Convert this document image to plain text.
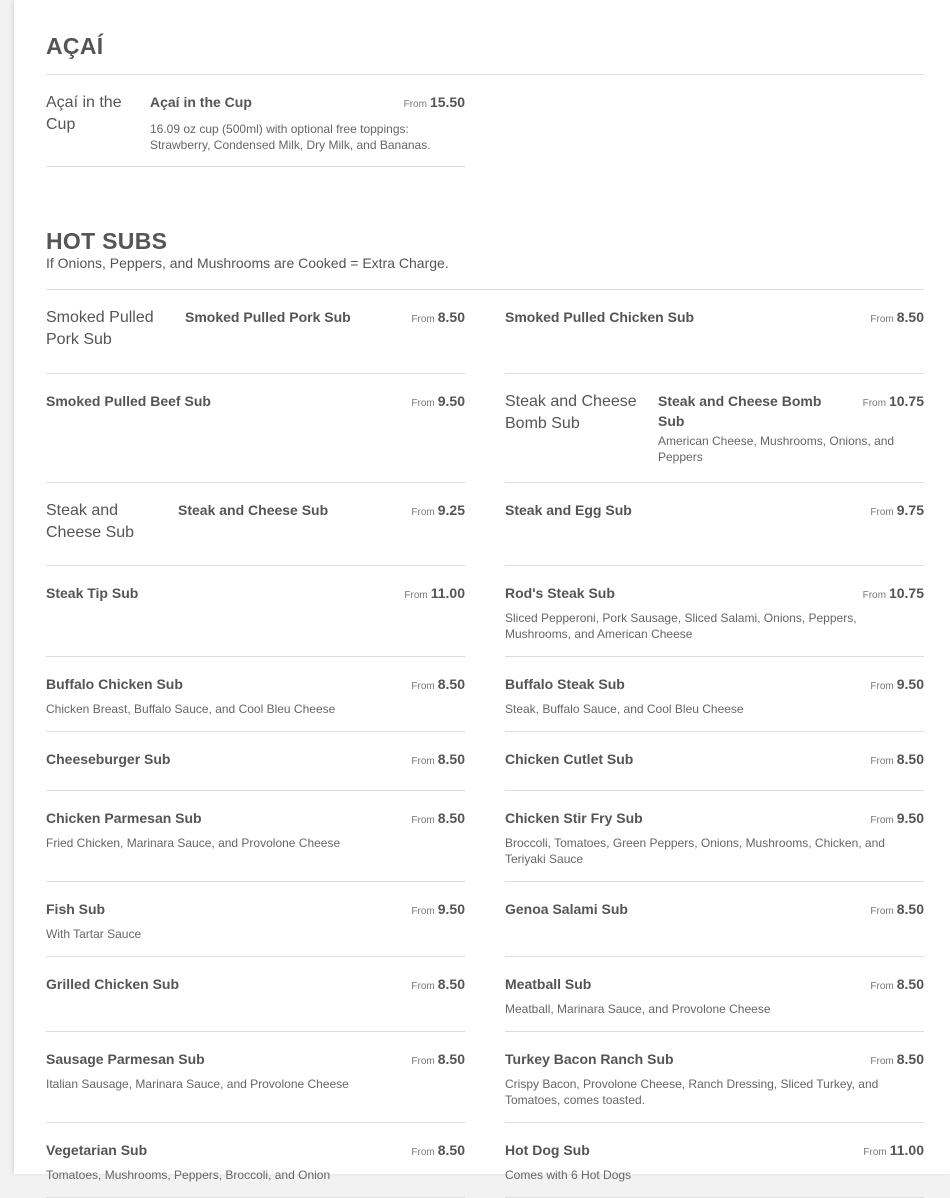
AÇAÍ
Açaí in the Cup
Açaí in the Cup	From 15.50
16.09 oz cup (500ml) with optional free toppings: Strawberry, Condensed Milk, Dry Milk, and Bananas.
HOT SUBS
If Onions, Peppers, and Mushrooms are Cooked = Extra Charge.
Smoked Pulled Pork Sub
Smoked Pulled Pork Sub	From 8.50	Smoked Pulled Chicken Sub	From 8.50
Smoked Pulled Beef Sub	From 9.50	Steak and Cheese Bomb Sub
Steak and Cheese Bomb Sub
From 10.75
American Cheese, Mushrooms, Onions, and Peppers
Steak and Cheese Sub
Steak and Cheese Sub	From 9.25	Steak and Egg Sub	From 9.75
Steak Tip Sub	From 11.00	Rod's Steak Sub	From 10.75
Sliced Pepperoni, Pork Sausage, Sliced Salami, Onions, Peppers, Mushrooms, and American Cheese
Buffalo Chicken Sub	From 8.50
Chicken Breast, Buffalo Sauce, and Cool Bleu Cheese
Buffalo Steak Sub	From 9.50
Steak, Buffalo Sauce, and Cool Bleu Cheese
Cheeseburger Sub	From 8.50	Chicken Cutlet Sub	From 8.50
Chicken Parmesan Sub	From 8.50
Fried Chicken, Marinara Sauce, and Provolone Cheese
Chicken Stir Fry Sub	From 9.50
Broccoli, Tomatoes, Green Peppers, Onions, Mushrooms, Chicken, and Teriyaki Sauce
Fish Sub	From 9.50
With Tartar Sauce
Genoa Salami Sub	From 8.50
Grilled Chicken Sub	From 8.50	Meatball Sub	From 8.50
Meatball, Marinara Sauce, and Provolone Cheese
Sausage Parmesan Sub	From 8.50
Italian Sausage, Marinara Sauce, and Provolone Cheese
Turkey Bacon Ranch Sub	From 8.50
Crispy Bacon, Provolone Cheese, Ranch Dressing, Sliced Turkey, and Tomatoes, comes toasted.
Vegetarian Sub	From 8.50
Tomatoes, Mushrooms, Peppers, Broccoli, and Onion
Hot Dog Sub	From 11.00
Comes with 6 Hot Dogs
